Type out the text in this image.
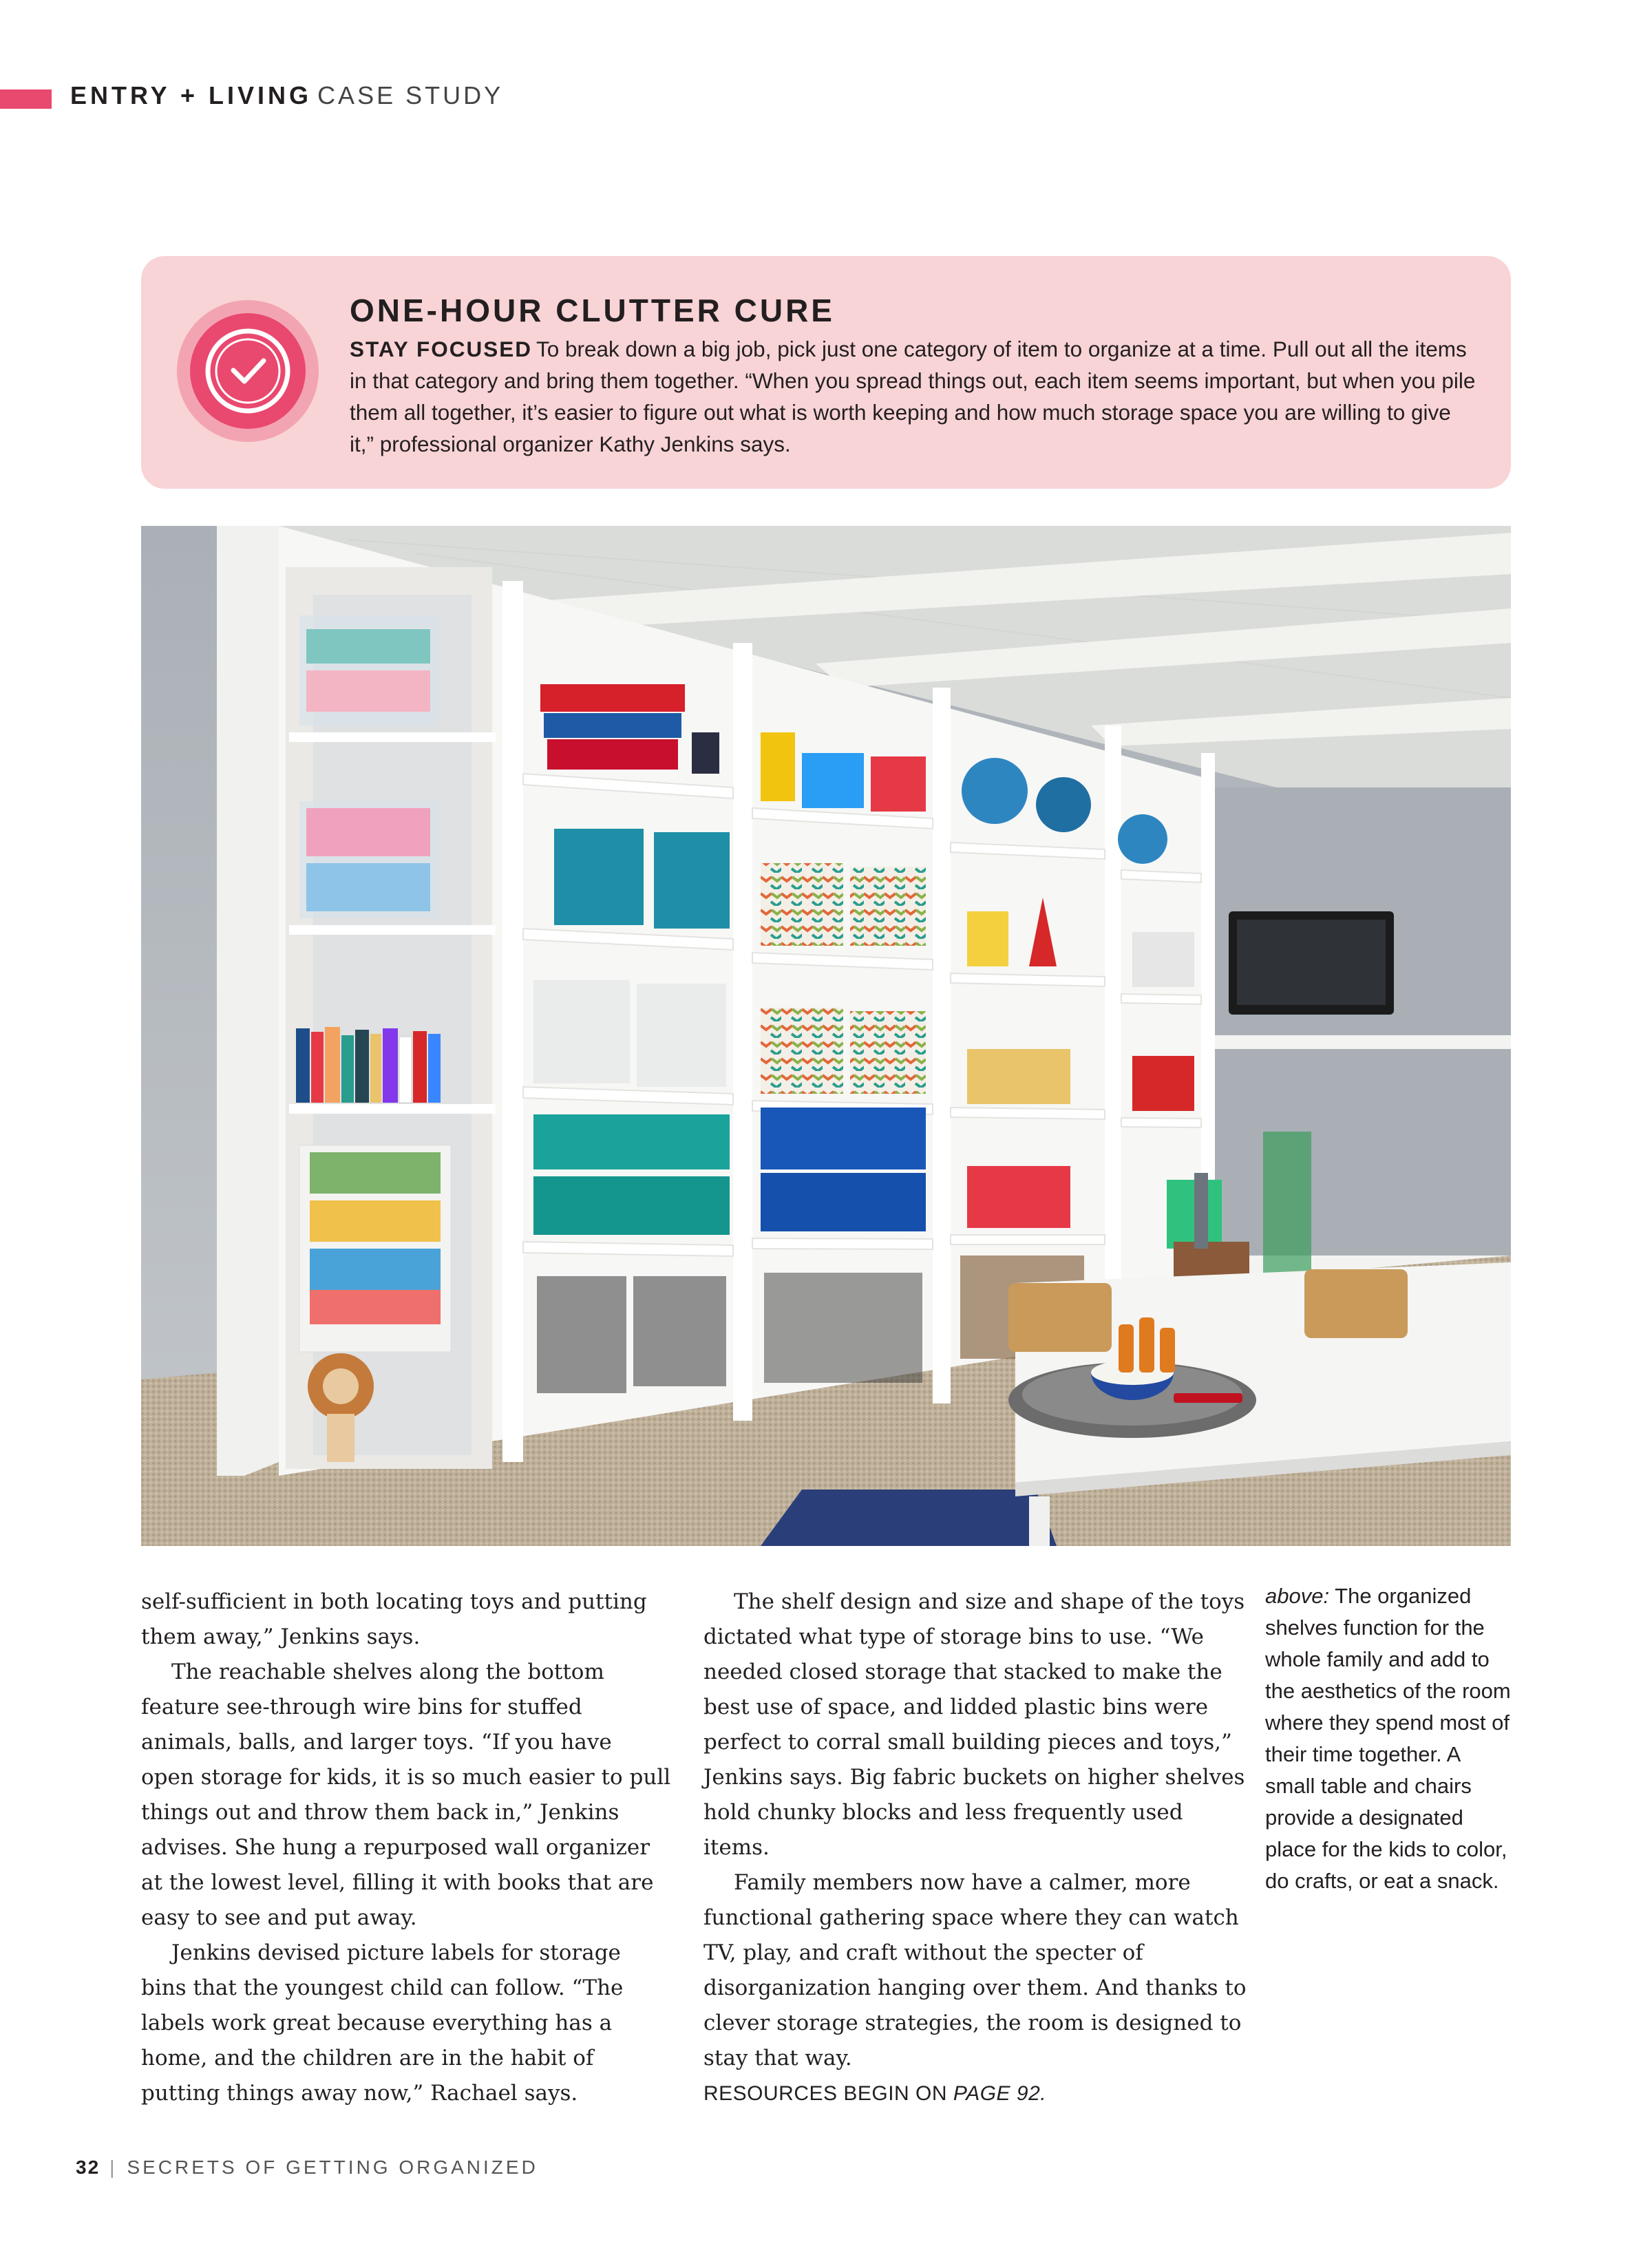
ENTRY + LIVING CASE STUDY
ONE-HOUR CLUTTER CURE
STAY FOCUSED To break down a big job, pick just one category of item to organize at a time. Pull out all the items in that category and bring them together. “When you spread things out, each item seems important, but when you pile them all together, it’s easier to figure out what is worth keeping and how much storage space you are willing to give it,” professional organizer Kathy Jenkins says.

self-sufficient in both locating toys and putting them away,” Jenkins says.

The reachable shelves along the bottom feature see-through wire bins for stuffed animals, balls, and larger toys. “If you have open storage for kids, it is so much easier to pull things out and throw them back in,” Jenkins advises. She hung a repurposed wall organizer at the lowest level, filling it with books that are easy to see and put away.

Jenkins devised picture labels for storage bins that the youngest child can follow. “The labels work great because everything has a home, and the children are in the habit of putting things away now,” Rachael says.

The shelf design and size and shape of the toys dictated what type of storage bins to use. “We needed closed storage that stacked to make the best use of space, and lidded plastic bins were perfect to corral small building pieces and toys,” Jenkins says. Big fabric buckets on higher shelves hold chunky blocks and less frequently used items.

Family members now have a calmer, more functional gathering space where they can watch TV, play, and craft without the specter of disorganization hanging over them. And thanks to clever storage strategies, the room is designed to stay that way.

RESOURCES BEGIN ON PAGE 92.

above: The organized shelves function for the whole family and add to the aesthetics of the room where they spend most of their time together. A small table and chairs provide a designated place for the kids to color, do crafts, or eat a snack.
32 | SECRETS OF GETTING ORGANIZED
